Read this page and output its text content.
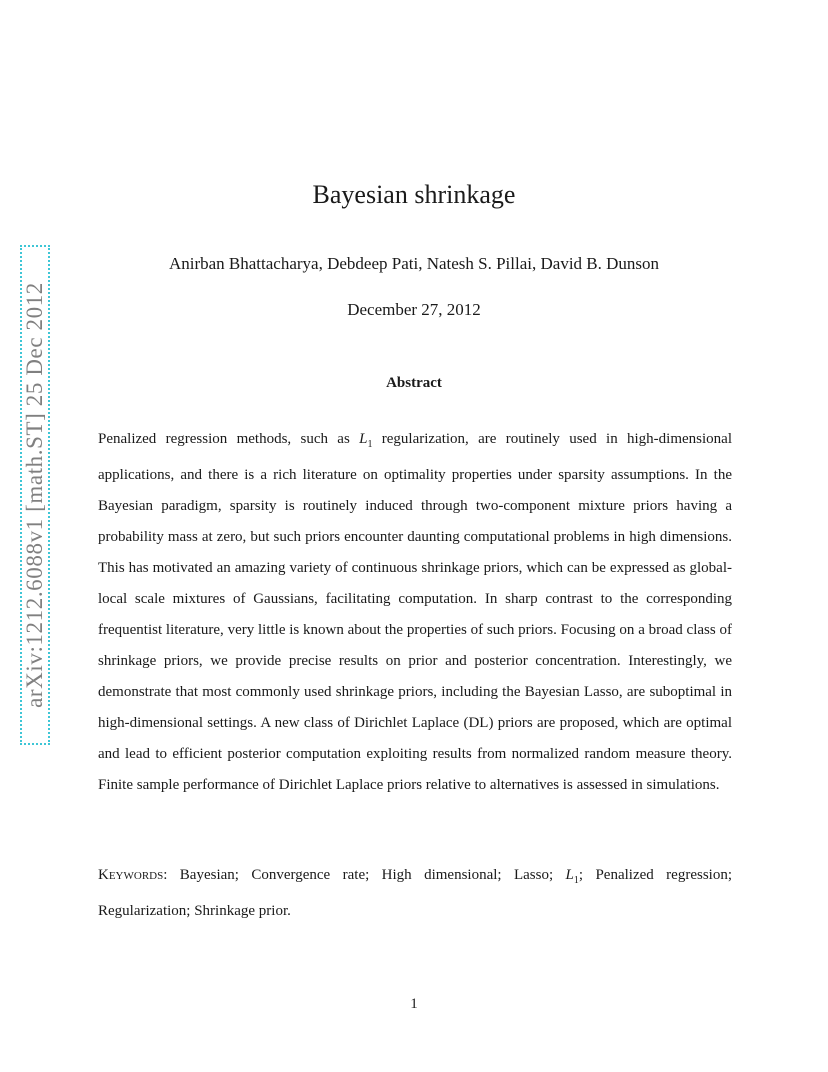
arXiv:1212.6088v1 [math.ST] 25 Dec 2012
Bayesian shrinkage
Anirban Bhattacharya, Debdeep Pati, Natesh S. Pillai, David B. Dunson
December 27, 2012
Abstract

Penalized regression methods, such as $L_1$ regularization, are routinely used in high-dimensional applications, and there is a rich literature on optimality properties under sparsity assumptions. In the Bayesian paradigm, sparsity is routinely induced through two-component mixture priors having a probability mass at zero, but such priors encounter daunting computational problems in high dimensions. This has motivated an amazing variety of continuous shrinkage priors, which can be expressed as global-local scale mixtures of Gaussians, facilitating computation. In sharp contrast to the corresponding frequentist literature, very little is known about the properties of such priors. Focusing on a broad class of shrinkage priors, we provide precise results on prior and posterior concentration. Interestingly, we demonstrate that most commonly used shrinkage priors, including the Bayesian Lasso, are suboptimal in high-dimensional settings. A new class of Dirichlet Laplace (DL) priors are proposed, which are optimal and lead to efficient posterior computation exploiting results from normalized random measure theory. Finite sample performance of Dirichlet Laplace priors relative to alternatives is assessed in simulations.

Keywords: Bayesian; Convergence rate; High dimensional; Lasso; $L_1$; Penalized regression; Regularization; Shrinkage prior.

1
